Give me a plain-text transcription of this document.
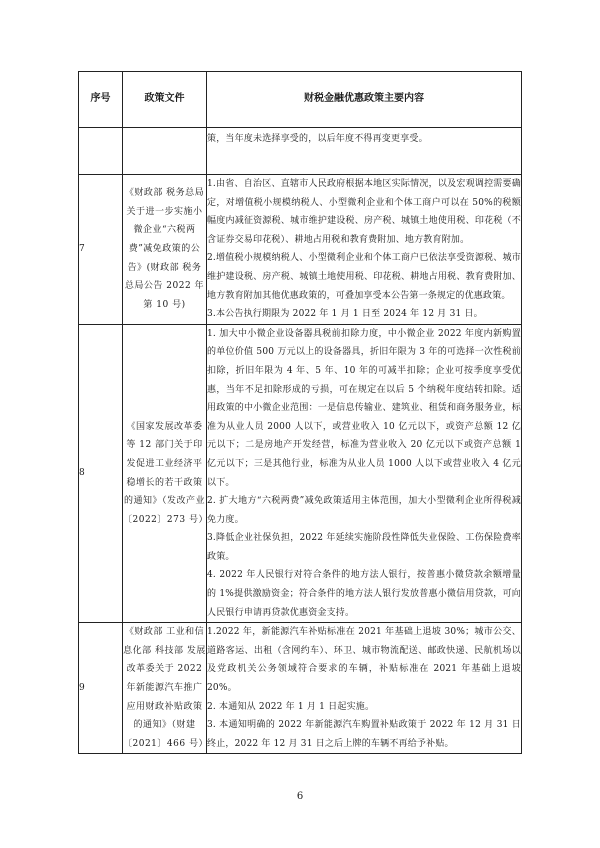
序号	政策文件	财税金融优惠政策主要内容

		策，当年度未选择享受的，以后年度不得再变更享受。

7	《财政部 税务总局关于进一步实施小微企业“六税两费”减免政策的公告》(财政部 税务总局公告 2022 年第 10 号)	1.由省、自治区、直辖市人民政府根据本地区实际情况，以及宏观调控需要确定，对增值税小规模纳税人、小型微利企业和个体工商户可以在 50%的税额幅度内减征资源税、城市维护建设税、房产税、城镇土地使用税、印花税（不含证券交易印花税）、耕地占用税和教育费附加、地方教育附加。

2.增值税小规模纳税人、小型微利企业和个体工商户已依法享受资源税、城市维护建设税、房产税、城镇土地使用税、印花税、耕地占用税、教育费附加、地方教育附加其他优惠政策的，可叠加享受本公告第一条规定的优惠政策。

3.本公告执行期限为 2022 年 1 月 1 日至 2024 年 12 月 31 日。

8	《国家发展改革委等 12 部门关于印发促进工业经济平稳增长的若干政策的通知》（发改产业〔2022〕273 号）	1. 加大中小微企业设备器具税前扣除力度，中小微企业 2022 年度内新购置的单位价值 500 万元以上的设备器具，折旧年限为 3 年的可选择一次性税前扣除，折旧年限为 4 年、5 年、10 年的可减半扣除；企业可按季度享受优惠，当年不足扣除形成的亏损，可在规定在以后 5 个纳税年度结转扣除。适用政策的中小微企业范围：一是信息传输业、建筑业、租赁和商务服务业，标准为从业人员 2000 人以下，或营业收入 10 亿元以下，或资产总额 12 亿元以下；二是房地产开发经营，标准为营业收入 20 亿元以下或资产总额 1 亿元以下；三是其他行业，标准为从业人员 1000 人以下或营业收入 4 亿元以下。

2. 扩大地方“六税两费”减免政策适用主体范围，加大小型微利企业所得税减免力度。

3.降低企业社保负担，2022 年延续实施阶段性降低失业保险、工伤保险费率政策。

4. 2022 年人民银行对符合条件的地方法人银行，按普惠小微贷款余额增量的 1%提供激励资金；符合条件的地方法人银行发放普惠小微信用贷款，可向人民银行申请再贷款优惠资金支持。

9	《财政部 工业和信息化部 科技部 发展改革委关于 2022 年新能源汽车推广应用财政补贴政策的通知》（财建〔2021〕466 号）	1.2022 年，新能源汽车补贴标准在 2021 年基础上退坡 30%；城市公交、道路客运、出租（含网约车）、环卫、城市物流配送、邮政快递、民航机场以及党政机关公务领域符合要求的车辆，补贴标准在 2021 年基础上退坡 20%。

2. 本通知从 2022 年 1 月 1 日起实施。

3. 本通知明确的 2022 年新能源汽车购置补贴政策于 2022 年 12 月 31 日终止，2022 年 12 月 31 日之后上牌的车辆不再给予补贴。

6
